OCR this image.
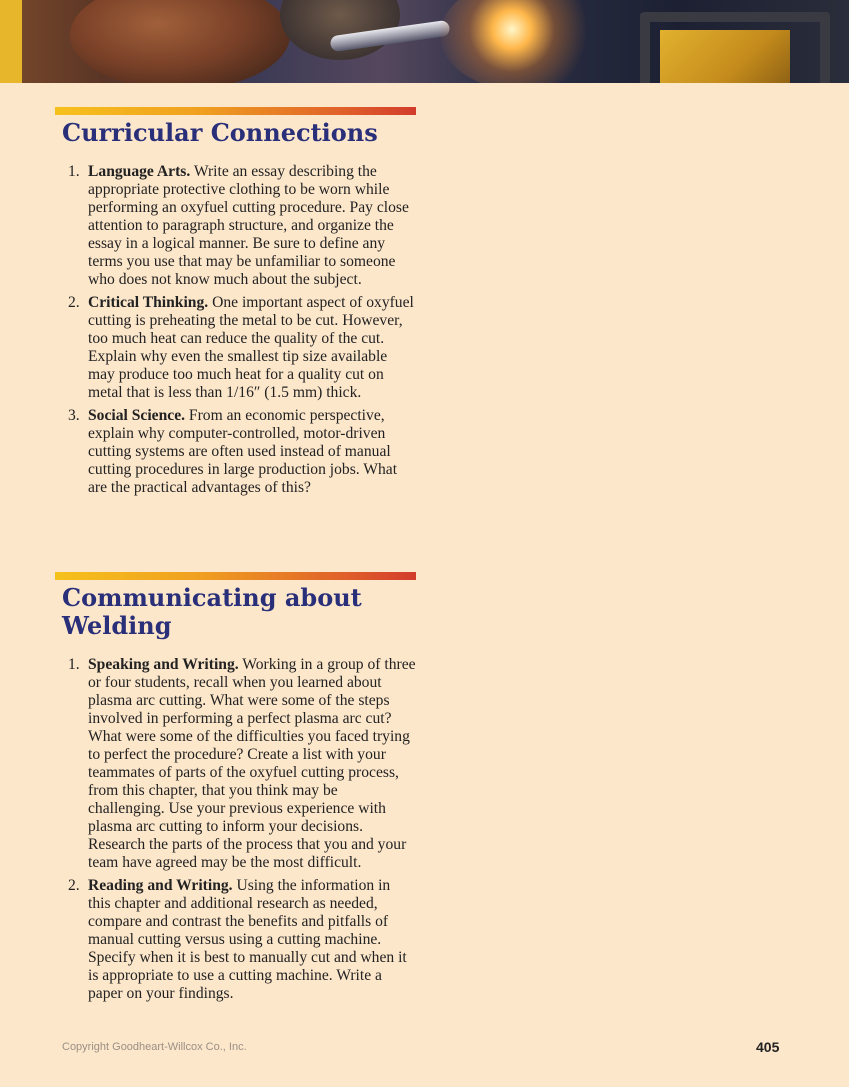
Curricular Connections
1. Language Arts. Write an essay describing the appropriate protective clothing to be worn while performing an oxyfuel cutting procedure. Pay close attention to paragraph structure, and organize the essay in a logical manner. Be sure to define any terms you use that may be unfamiliar to someone who does not know much about the subject.
2. Critical Thinking. One important aspect of oxyfuel cutting is preheating the metal to be cut. However, too much heat can reduce the quality of the cut. Explain why even the smallest tip size available may produce too much heat for a quality cut on metal that is less than 1/16″ (1.5 mm) thick.
3. Social Science. From an economic perspective, explain why computer-controlled, motor-driven cutting systems are often used instead of manual cutting procedures in large production jobs. What are the practical advantages of this?
Communicating about
Welding
1. Speaking and Writing. Working in a group of three or four students, recall when you learned about plasma arc cutting. What were some of the steps involved in performing a perfect plasma arc cut? What were some of the difficulties you faced trying to perfect the procedure? Create a list with your teammates of parts of the oxyfuel cutting process, from this chapter, that you think may be challenging. Use your previous experience with plasma arc cutting to inform your decisions. Research the parts of the process that you and your team have agreed may be the most difficult.
2. Reading and Writing. Using the information in this chapter and additional research as needed, compare and contrast the benefits and pitfalls of manual cutting versus using a cutting machine. Specify when it is best to manually cut and when it is appropriate to use a cutting machine. Write a paper on your findings.
Copyright Goodheart-Willcox Co., Inc.	405
